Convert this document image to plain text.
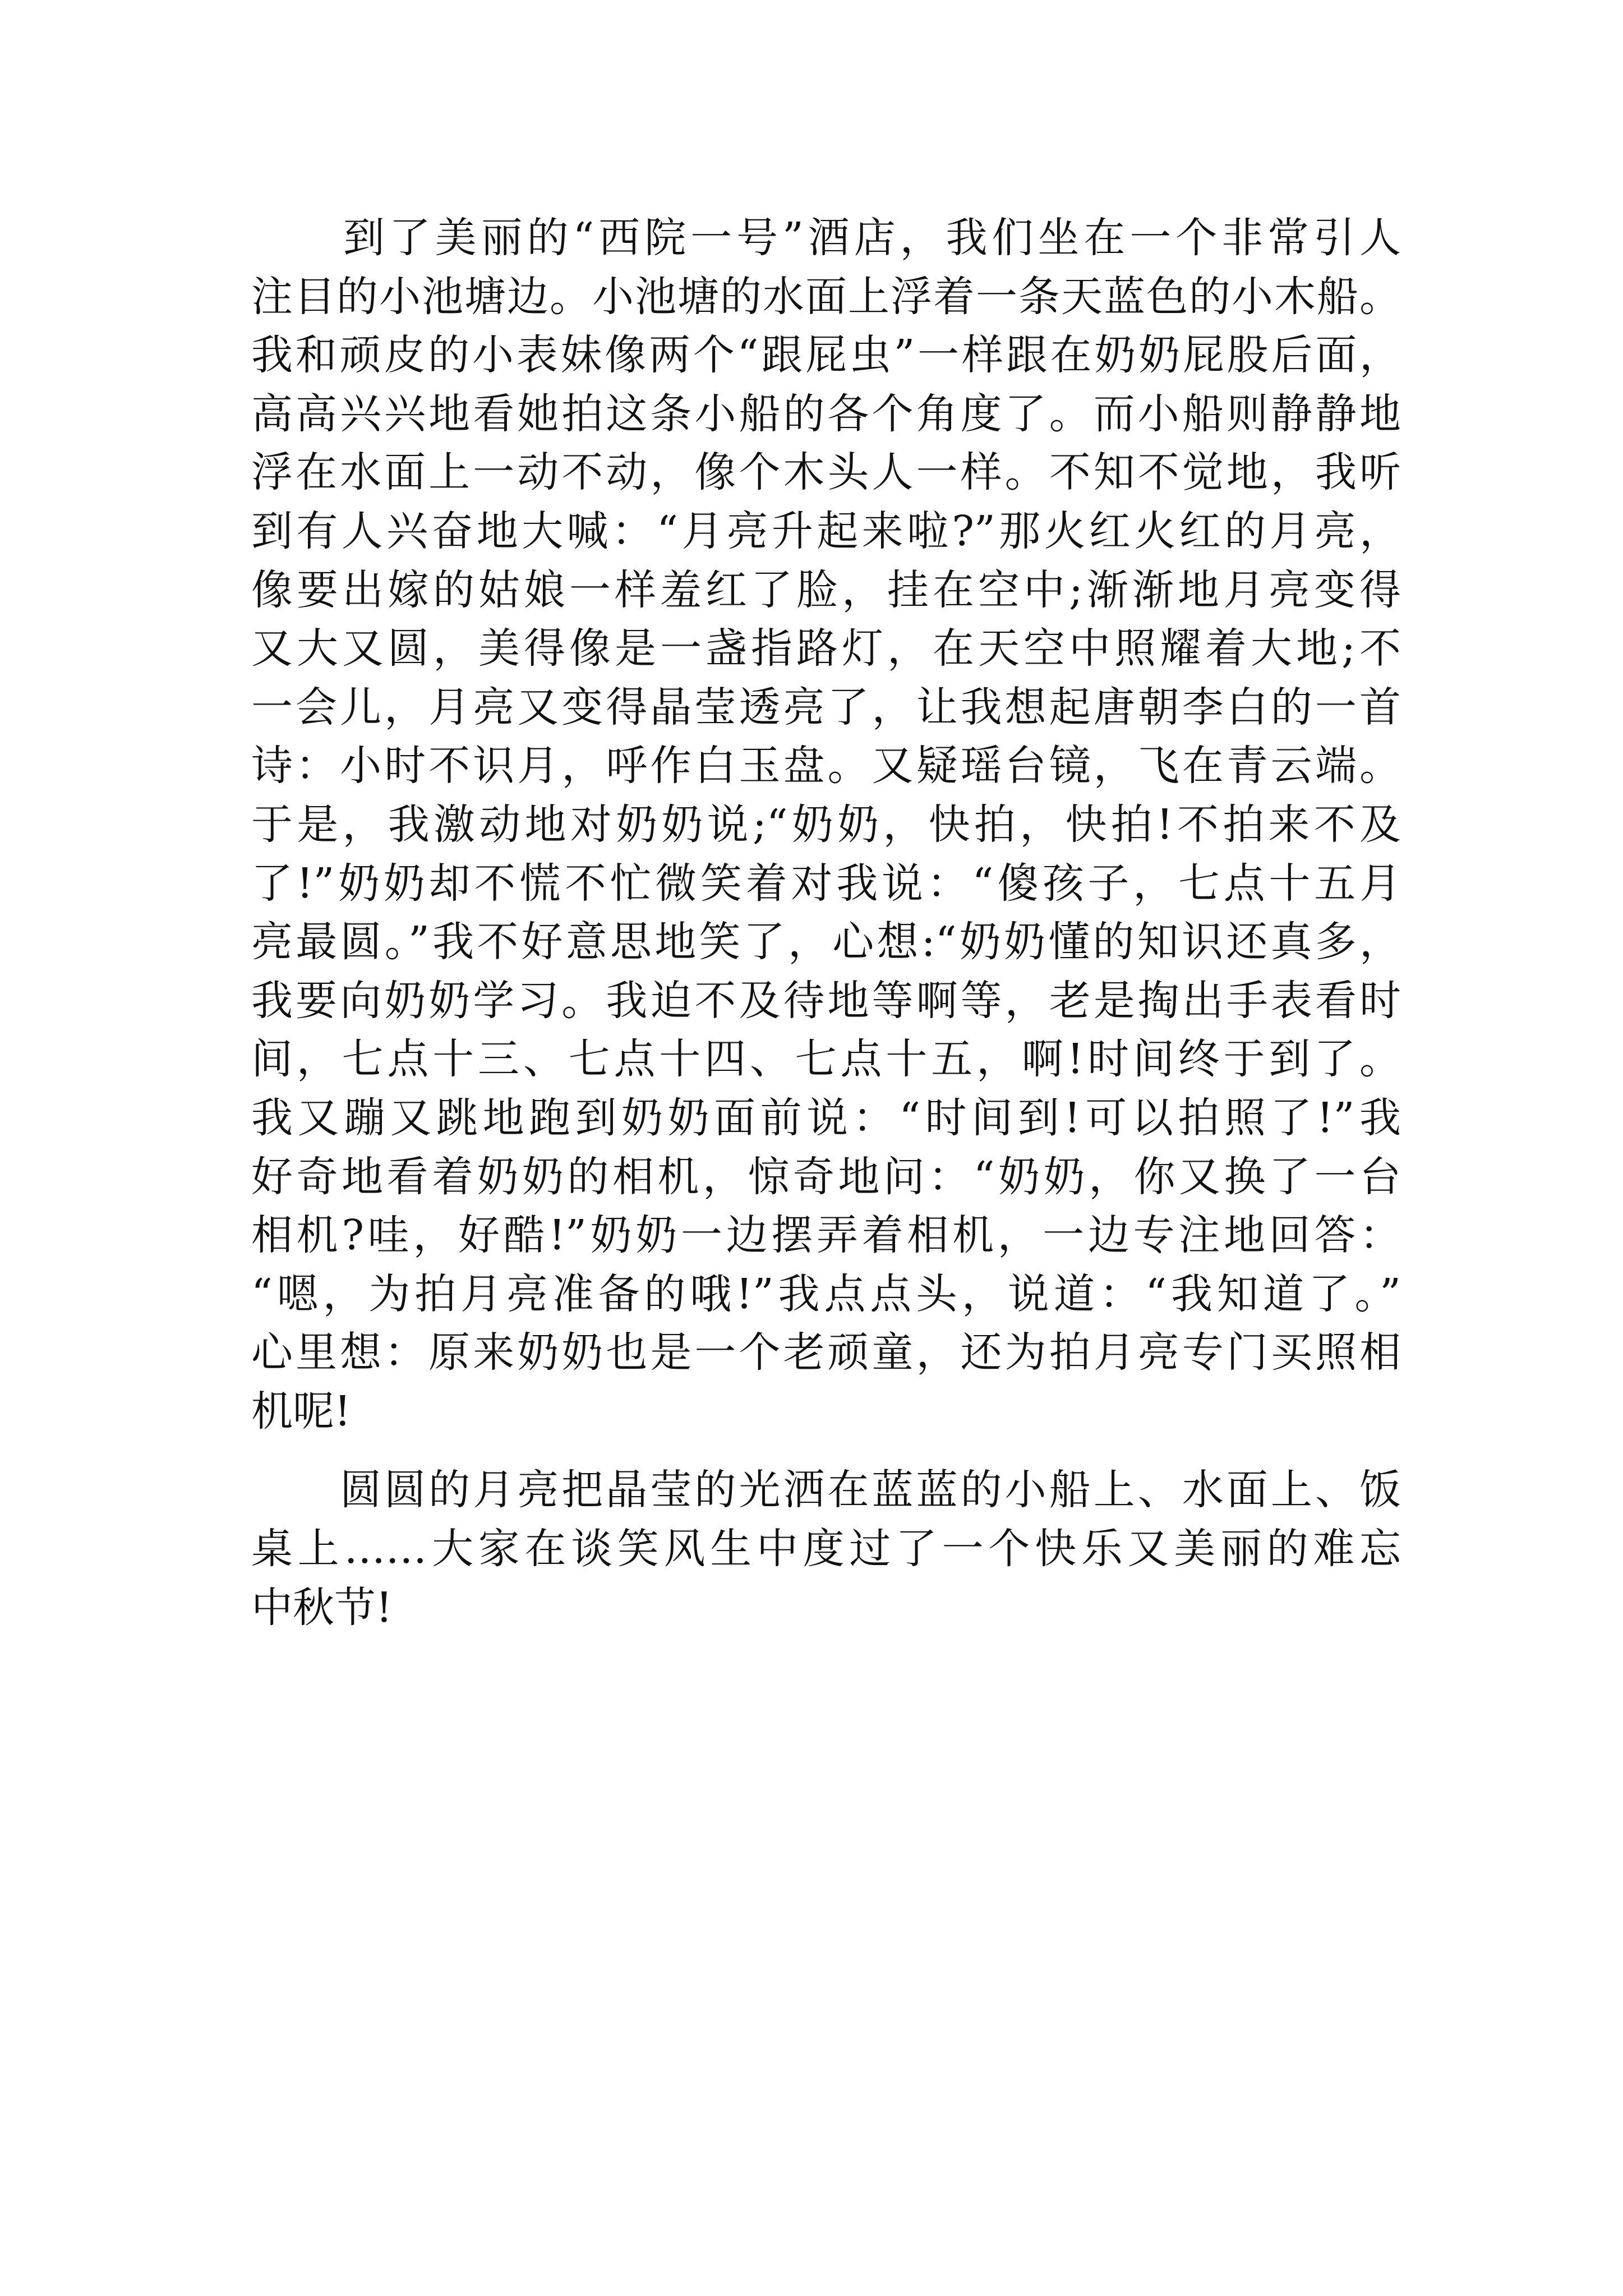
　　到了美丽的“西院一号”酒店，我们坐在一个非常引人
注目的小池塘边。小池塘的水面上浮着一条天蓝色的小木船。
我和顽皮的小表妹像两个“跟屁虫”一样跟在奶奶屁股后面，
高高兴兴地看她拍这条小船的各个角度了。而小船则静静地
浮在水面上一动不动，像个木头人一样。不知不觉地，我听
到有人兴奋地大喊：“月亮升起来啦?”那火红火红的月亮，
像要出嫁的姑娘一样羞红了脸，挂在空中;渐渐地月亮变得
又大又圆，美得像是一盏指路灯，在天空中照耀着大地;不
一会儿，月亮又变得晶莹透亮了，让我想起唐朝李白的一首
诗：小时不识月，呼作白玉盘。又疑瑶台镜，飞在青云端。
于是，我激动地对奶奶说;“奶奶，快拍，快拍!不拍来不及
了!”奶奶却不慌不忙微笑着对我说：“傻孩子，七点十五月
亮最圆。”我不好意思地笑了，心想:“奶奶懂的知识还真多，
我要向奶奶学习。我迫不及待地等啊等，老是掏出手表看时
间，七点十三、七点十四、七点十五，啊!时间终于到了。
我又蹦又跳地跑到奶奶面前说：“时间到!可以拍照了!”我
好奇地看着奶奶的相机，惊奇地问：“奶奶，你又换了一台
相机?哇，好酷!”奶奶一边摆弄着相机，一边专注地回答：
“嗯，为拍月亮准备的哦!”我点点头，说道：“我知道了。”
心里想：原来奶奶也是一个老顽童，还为拍月亮专门买照相
机呢!
　　圆圆的月亮把晶莹的光洒在蓝蓝的小船上、水面上、饭
桌上……大家在谈笑风生中度过了一个快乐又美丽的难忘
中秋节!
